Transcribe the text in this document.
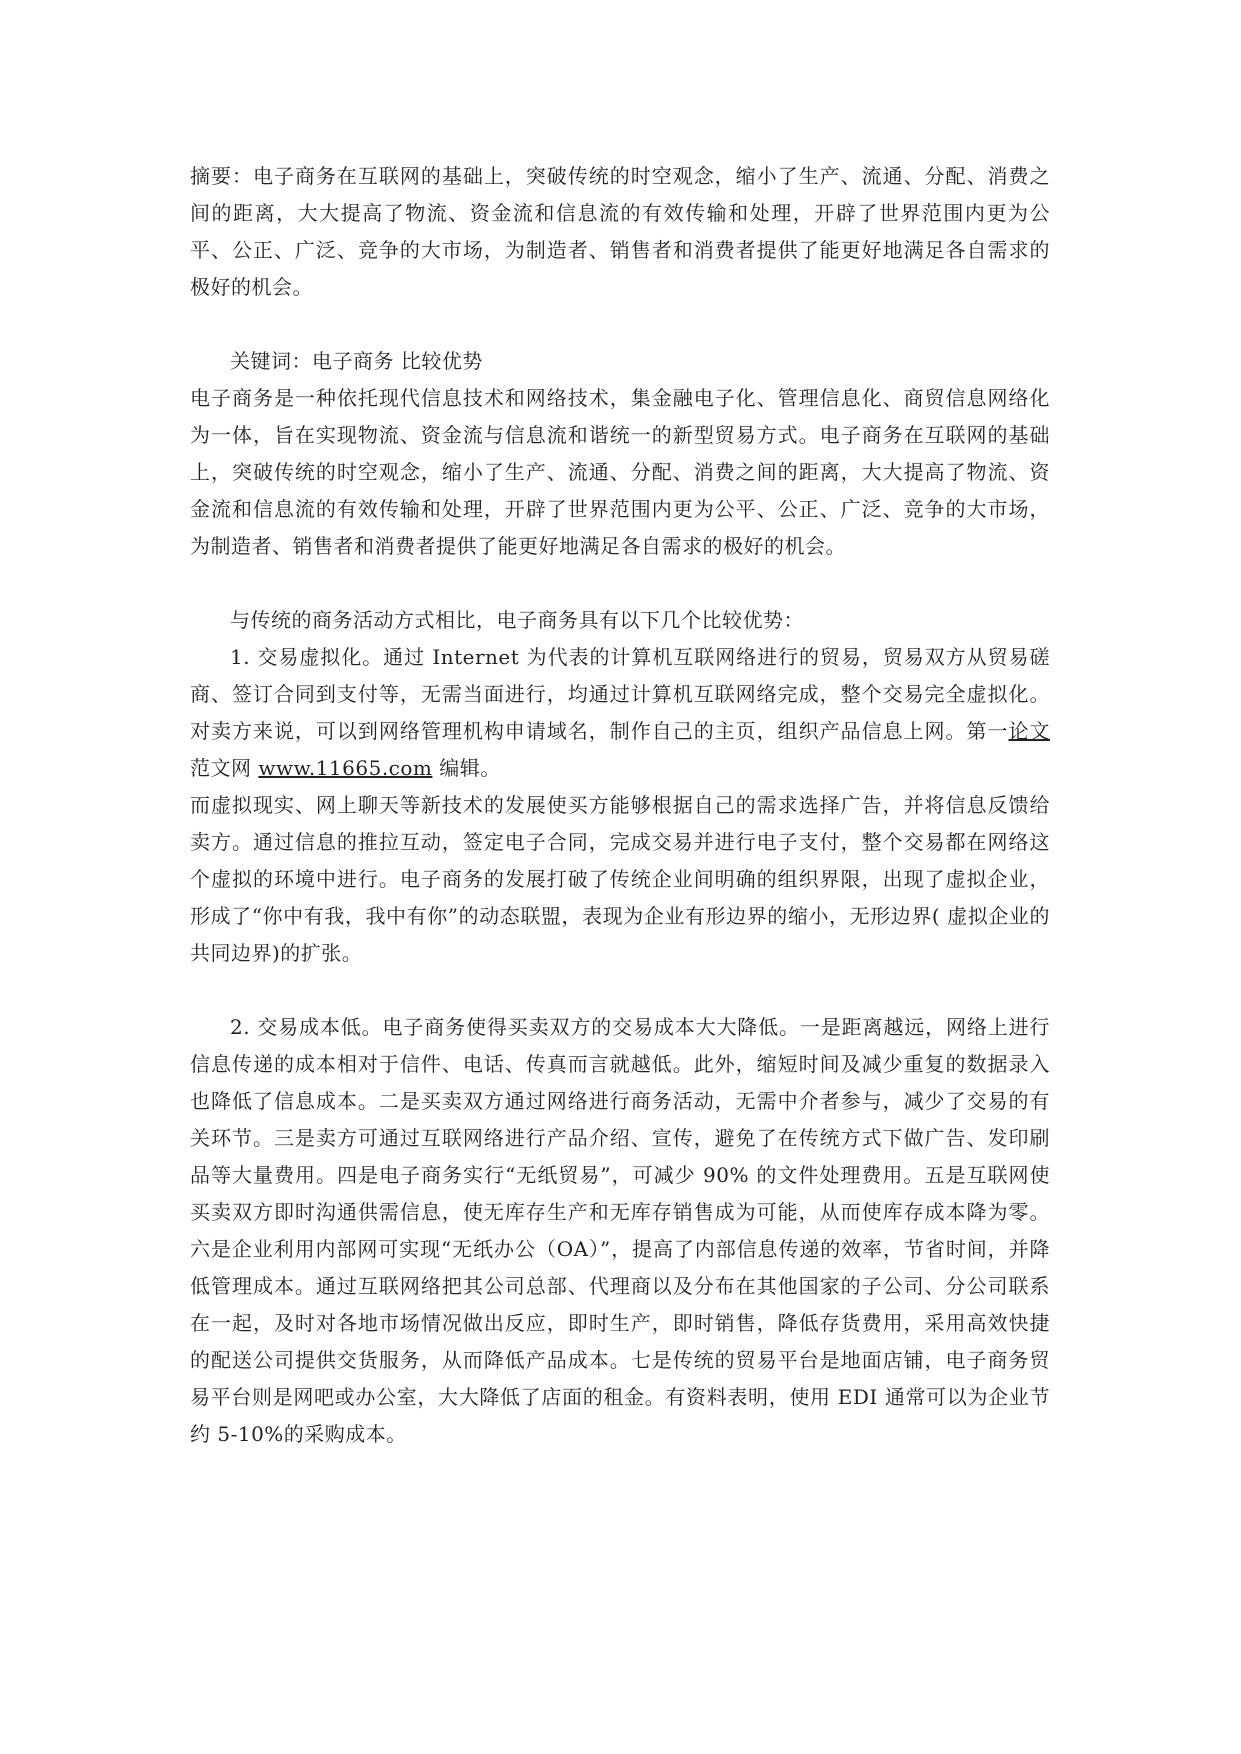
摘要：电子商务在互联网的基础上，突破传统的时空观念，缩小了生产、流通、分配、消费之间的距离，大大提高了物流、资金流和信息流的有效传输和处理，开辟了世界范围内更为公平、公正、广泛、竞争的大市场，为制造者、销售者和消费者提供了能更好地满足各自需求的极好的机会。

关键词：电子商务 比较优势

电子商务是一种依托现代信息技术和网络技术，集金融电子化、管理信息化、商贸信息网络化为一体，旨在实现物流、资金流与信息流和谐统一的新型贸易方式。电子商务在互联网的基础上，突破传统的时空观念，缩小了生产、流通、分配、消费之间的距离，大大提高了物流、资金流和信息流的有效传输和处理，开辟了世界范围内更为公平、公正、广泛、竞争的大市场，为制造者、销售者和消费者提供了能更好地满足各自需求的极好的机会。

与传统的商务活动方式相比，电子商务具有以下几个比较优势：

1. 交易虚拟化。通过 Internet 为代表的计算机互联网络进行的贸易，贸易双方从贸易磋商、签订合同到支付等，无需当面进行，均通过计算机互联网络完成，整个交易完全虚拟化。对卖方来说，可以到网络管理机构申请域名，制作自己的主页，组织产品信息上网。第一论文范文网 www.11665.com 编辑。

而虚拟现实、网上聊天等新技术的发展使买方能够根据自己的需求选择广告，并将信息反馈给卖方。通过信息的推拉互动，签定电子合同，完成交易并进行电子支付，整个交易都在网络这个虚拟的环境中进行。电子商务的发展打破了传统企业间明确的组织界限，出现了虚拟企业，形成了“你中有我，我中有你”的动态联盟，表现为企业有形边界的缩小，无形边界( 虚拟企业的共同边界)的扩张。

2. 交易成本低。电子商务使得买卖双方的交易成本大大降低。一是距离越远，网络上进行信息传递的成本相对于信件、电话、传真而言就越低。此外，缩短时间及减少重复的数据录入也降低了信息成本。二是买卖双方通过网络进行商务活动，无需中介者参与，减少了交易的有关环节。三是卖方可通过互联网络进行产品介绍、宣传，避免了在传统方式下做广告、发印刷品等大量费用。四是电子商务实行“无纸贸易”，可减少 90% 的文件处理费用。五是互联网使买卖双方即时沟通供需信息，使无库存生产和无库存销售成为可能，从而使库存成本降为零。六是企业利用内部网可实现“无纸办公（OA）”，提高了内部信息传递的效率，节省时间，并降低管理成本。通过互联网络把其公司总部、代理商以及分布在其他国家的子公司、分公司联系在一起，及时对各地市场情况做出反应，即时生产，即时销售，降低存货费用，采用高效快捷的配送公司提供交货服务，从而降低产品成本。七是传统的贸易平台是地面店铺，电子商务贸易平台则是网吧或办公室，大大降低了店面的租金。有资料表明，使用 EDI 通常可以为企业节约 5-10%的采购成本。
